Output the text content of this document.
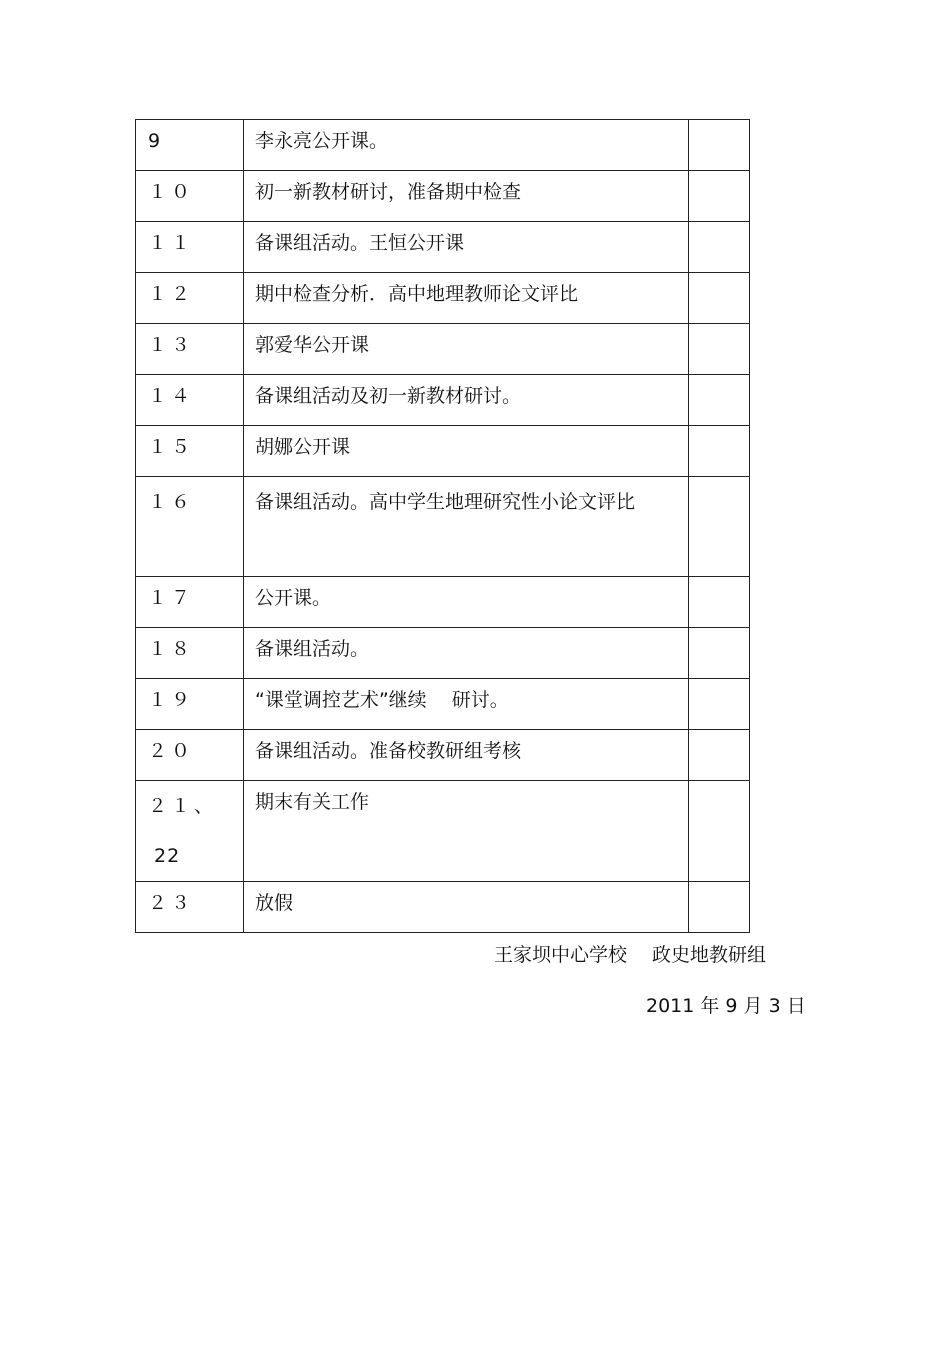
9	李永亮公开课。	

１０	初一新教材研讨，准备期中检查	

１１	备课组活动。王恒公开课	

１２	期中检查分析．高中地理教师论文评比	

１３	郭爱华公开课	

１４	备课组活动及初一新教材研讨。	

１５	胡娜公开课	

１６	备课组活动。高中学生地理研究性小论文评比	

１７	公开课。	

１８	备课组活动。	

１９	“课堂调控艺术”继续　 研讨。	

２０	备课组活动。准备校教研组考核	

２１、
22	期末有关工作	

２３	放假	

王家坝中心学校　 政史地教研组
2011 年 9 月 3 日
